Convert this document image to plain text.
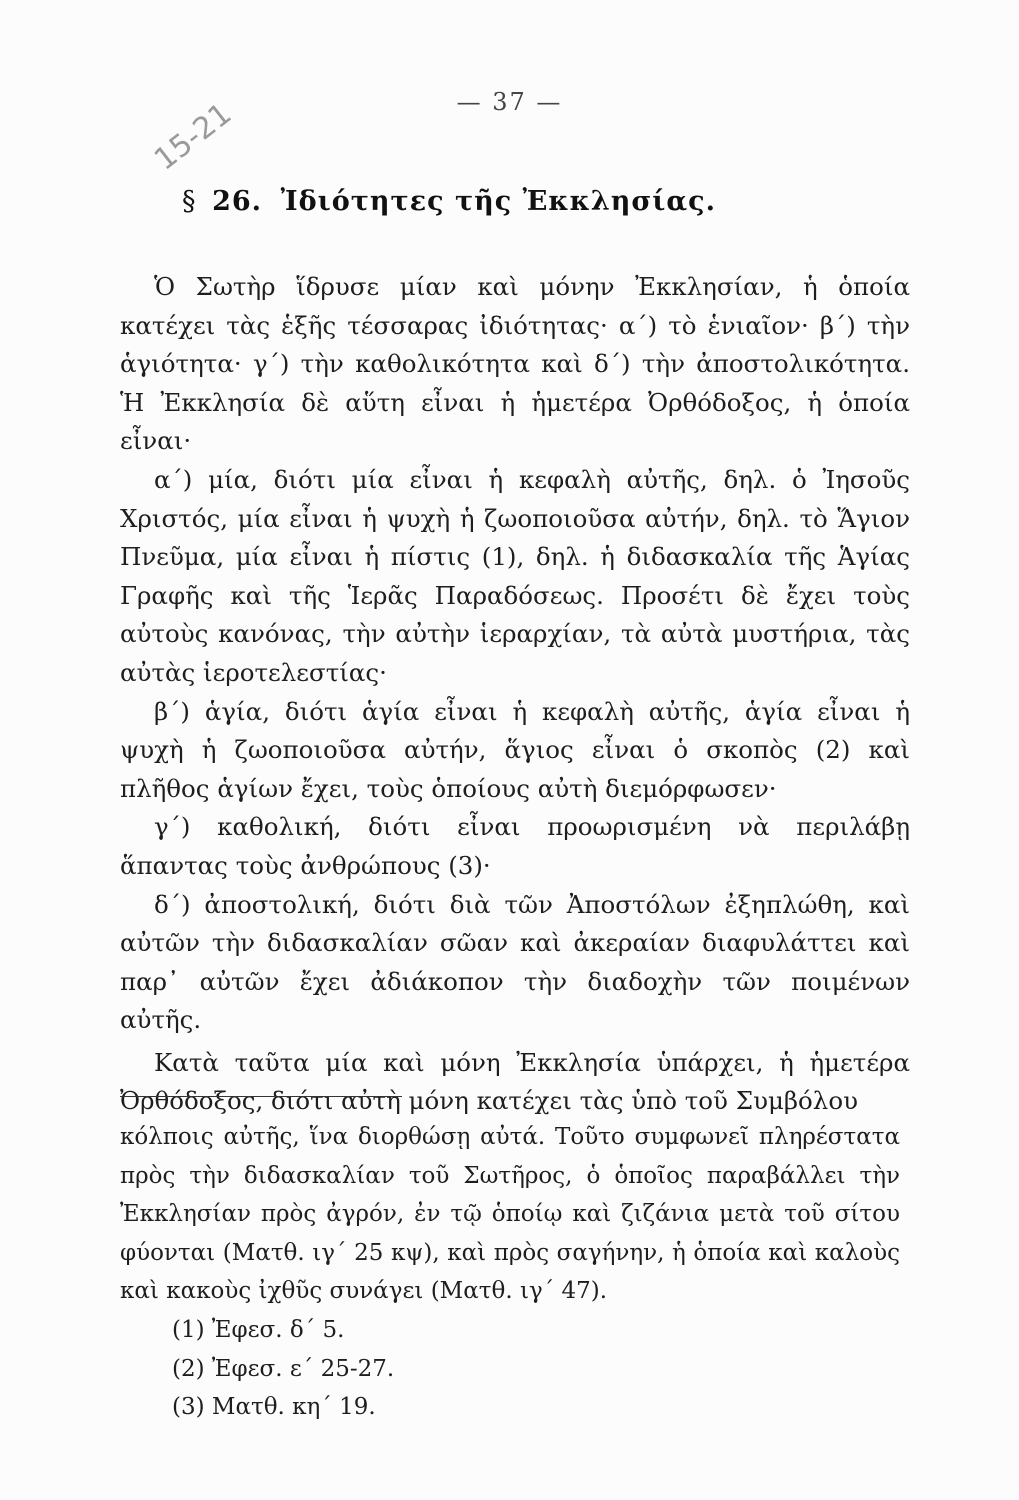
— 37 —
15-21
§ 26. Ἰδιότητες τῆς Ἐκκλησίας.

Ὁ Σωτὴρ ἵδρυσε μίαν καὶ μόνην Ἐκκλησίαν, ἡ ὁποία κατέχει τὰς ἑξῆς τέσσαρας ἰδιότητας· α΄) τὸ ἑνιαῖον· β΄) τὴν ἁγιότητα· γ΄) τὴν καθολικότητα καὶ δ΄) τὴν ἀποστολικότητα. Ἡ Ἐκκλησία δὲ αὕτη εἶναι ἡ ἡμετέρα Ὀρθόδοξος, ἡ ὁποία εἶναι·

α΄) μία, διότι μία εἶναι ἡ κεφαλὴ αὐτῆς, δηλ. ὁ Ἰησοῦς Χριστός, μία εἶναι ἡ ψυχὴ ἡ ζωοποιοῦσα αὐτήν, δηλ. τὸ Ἅγιον Πνεῦμα, μία εἶναι ἡ πίστις (1), δηλ. ἡ διδασκαλία τῆς Ἁγίας Γραφῆς καὶ τῆς Ἱερᾶς Παραδόσεως. Προσέτι δὲ ἔχει τοὺς αὐτοὺς κανόνας, τὴν αὐτὴν ἱεραρχίαν, τὰ αὐτὰ μυστήρια, τὰς αὐτὰς ἱεροτελεστίας·

β΄) ἁγία, διότι ἁγία εἶναι ἡ κεφαλὴ αὐτῆς, ἁγία εἶναι ἡ ψυχὴ ἡ ζωοποιοῦσα αὐτήν, ἅγιος εἶναι ὁ σκοπὸς (2) καὶ πλῆθος ἁγίων ἔχει, τοὺς ὁποίους αὐτὴ διεμόρφωσεν·

γ΄) καθολική, διότι εἶναι προωρισμένη νὰ περιλάβῃ ἅπαντας τοὺς ἀνθρώπους (3)·

δ΄) ἀποστολική, διότι διὰ τῶν Ἀποστόλων ἐξηπλώθη, καὶ αὐτῶν τὴν διδασκαλίαν σῶαν καὶ ἀκεραίαν διαφυλάττει καὶ παρ᾽ αὐτῶν ἔχει ἀδιάκοπον τὴν διαδοχὴν τῶν ποιμένων αὐτῆς.

Κατὰ ταῦτα μία καὶ μόνη Ἐκκλησία ὑπάρχει, ἡ ἡμετέρα Ὀρθόδοξος, διότι αὐτὴ μόνη κατέχει τὰς ὑπὸ τοῦ Συμβόλου

κόλποις αὐτῆς, ἵνα διορθώσῃ αὐτά. Τοῦτο συμφωνεῖ πληρέστατα πρὸς τὴν διδασκαλίαν τοῦ Σωτῆρος, ὁ ὁποῖος παραβάλλει τὴν Ἐκκλησίαν πρὸς ἀγρόν, ἐν τῷ ὁποίῳ καὶ ζιζάνια μετὰ τοῦ σίτου φύονται (Ματθ. ιγ΄ 25 κψ), καὶ πρὸς σαγήνην, ἡ ὁποία καὶ καλοὺς καὶ κακοὺς ἰχθῦς συνάγει (Ματθ. ιγ΄ 47).

(1) Ἐφεσ. δ΄ 5.

(2) Ἐφεσ. ε΄ 25-27.

(3) Ματθ. κη΄ 19.
